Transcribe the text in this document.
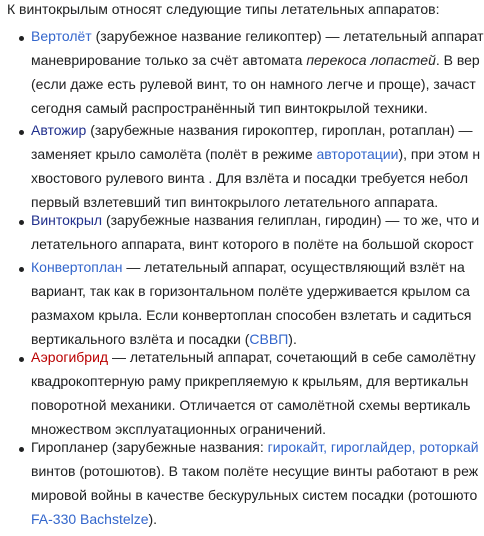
К винтокрылым относят следующие типы летательных аппаратов:
Вертолёт (зарубежное название геликоптер) — летательный аппарат
маневрирование только за счёт автомата перекоса лопастей. В вер
(если даже есть рулевой винт, то он намного легче и проще), зачаст
сегодня самый распространённый тип винтокрылой техники.
Автожир (зарубежные названия гирокоптер, гироплан, ротаплан) —
заменяет крыло самолёта (полёт в режиме авторотации), при этом н
хвостового рулевого винта . Для взлёта и посадки требуется небол
первый взлетевший тип винтокрылого летательного аппарата.
Винтокрыл (зарубежные названия гелиплан, гиродин) — то же, что и
летательного аппарата, винт которого в полёте на большой скорост
Конвертоплан — летательный аппарат, осуществляющий взлёт на
вариант, так как в горизонтальном полёте удерживается крылом са
размахом крыла. Если конвертоплан способен взлетать и садиться
вертикального взлёта и посадки (СВВП).
Аэрогибрид — летательный аппарат, сочетающий в себе самолётну
квадрокоптерную раму прикрепляемую к крыльям, для вертикальн
поворотной механики. Отличается от самолётной схемы вертикаль
множеством эксплуатационных ограничений.
Гиропланер (зарубежные названия: гирокайт, гироглайдер, роторкай
винтов (ротошютов). В таком полёте несущие винты работают в реж
мировой войны в качестве бескурульных систем посадки (ротошюто
FA-330 Bachstelze).
